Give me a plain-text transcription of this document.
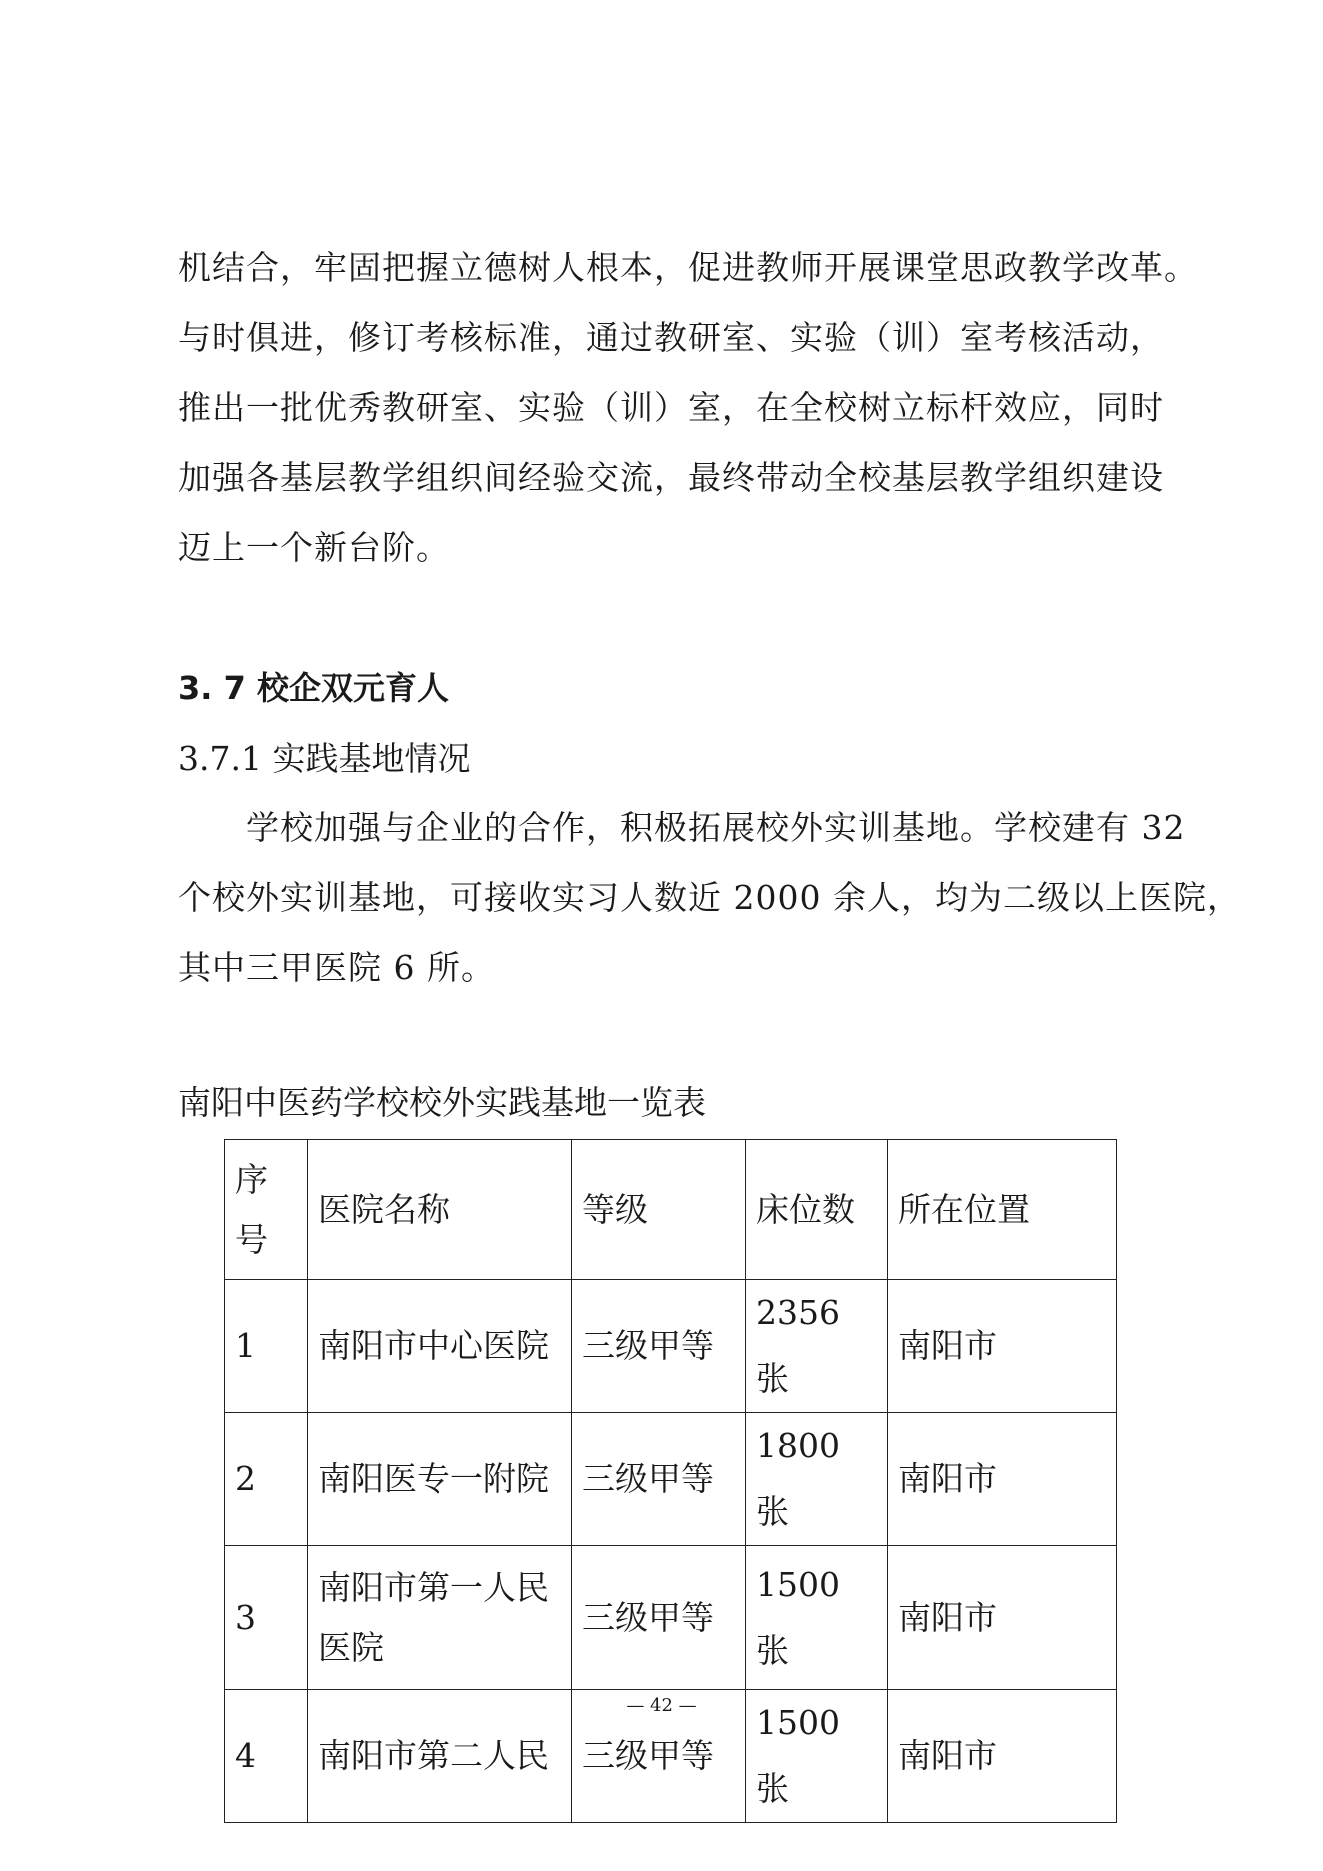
机结合，牢固把握立德树人根本，促进教师开展课堂思政教学改革。
与时俱进，修订考核标准，通过教研室、实验（训）室考核活动，
推出一批优秀教研室、实验（训）室，在全校树立标杆效应，同时
加强各基层教学组织间经验交流，最终带动全校基层教学组织建设
迈上一个新台阶。
3. 7 校企双元育人
3.7.1 实践基地情况
学校加强与企业的合作，积极拓展校外实训基地。学校建有 32
个校外实训基地，可接收实习人数近 2000 余人，均为二级以上医院，
其中三甲医院 6 所。
南阳中医药学校校外实践基地一览表
序
号	医院名称	等级	床位数	所在位置
1	南阳市中心医院	三级甲等	2356 张	南阳市
2	南阳医专一附院	三级甲等	1800 张	南阳市
3	南阳市第一人民
医院	三级甲等	1500 张	南阳市
4	南阳市第二人民	三级甲等	1500 张	南阳市
— 42 —
